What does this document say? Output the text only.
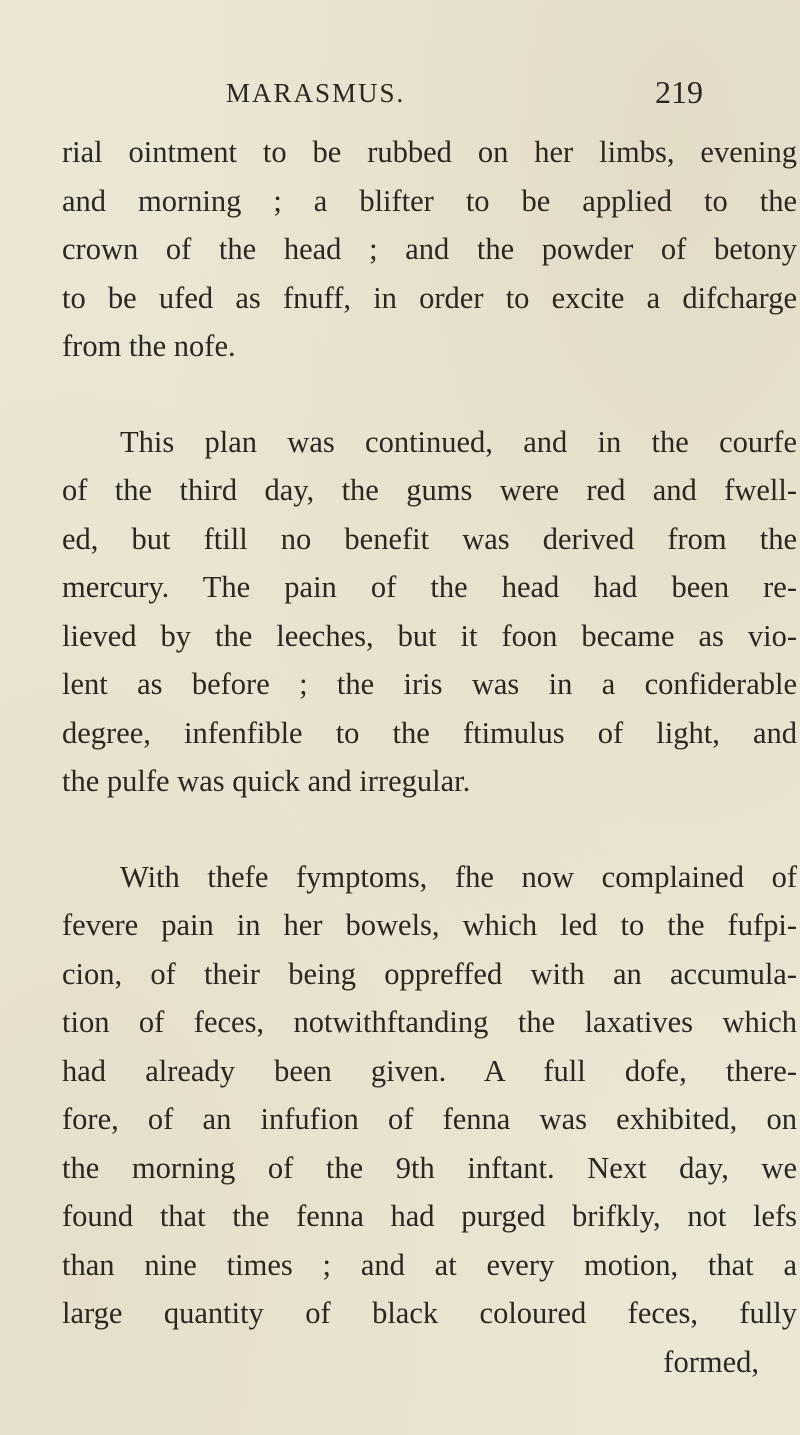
MARASMUS.	219
rial ointment to be rubbed on her limbs, evening
and morning ; a blifter to be applied to the
crown of the head ; and the powder of betony
to be ufed as fnuff, in order to excite a difcharge
from the nofe.
This plan was continued, and in the courfe
of the third day, the gums were red and fwell-
ed, but ftill no benefit was derived from the
mercury. The pain of the head had been re-
lieved by the leeches, but it foon became as vio-
lent as before ; the iris was in a confiderable
degree, infenfible to the ftimulus of light, and
the pulfe was quick and irregular.
With thefe fymptoms, fhe now complained of
fevere pain in her bowels, which led to the fufpi-
cion, of their being oppreffed with an accumula-
tion of feces, notwithftanding the laxatives which
had already been given. A full dofe, there-
fore, of an infufion of fenna was exhibited, on
the morning of the 9th inftant. Next day, we
found that the fenna had purged brifkly, not lefs
than nine times ; and at every motion, that a
large quantity of black coloured feces, fully
formed,
